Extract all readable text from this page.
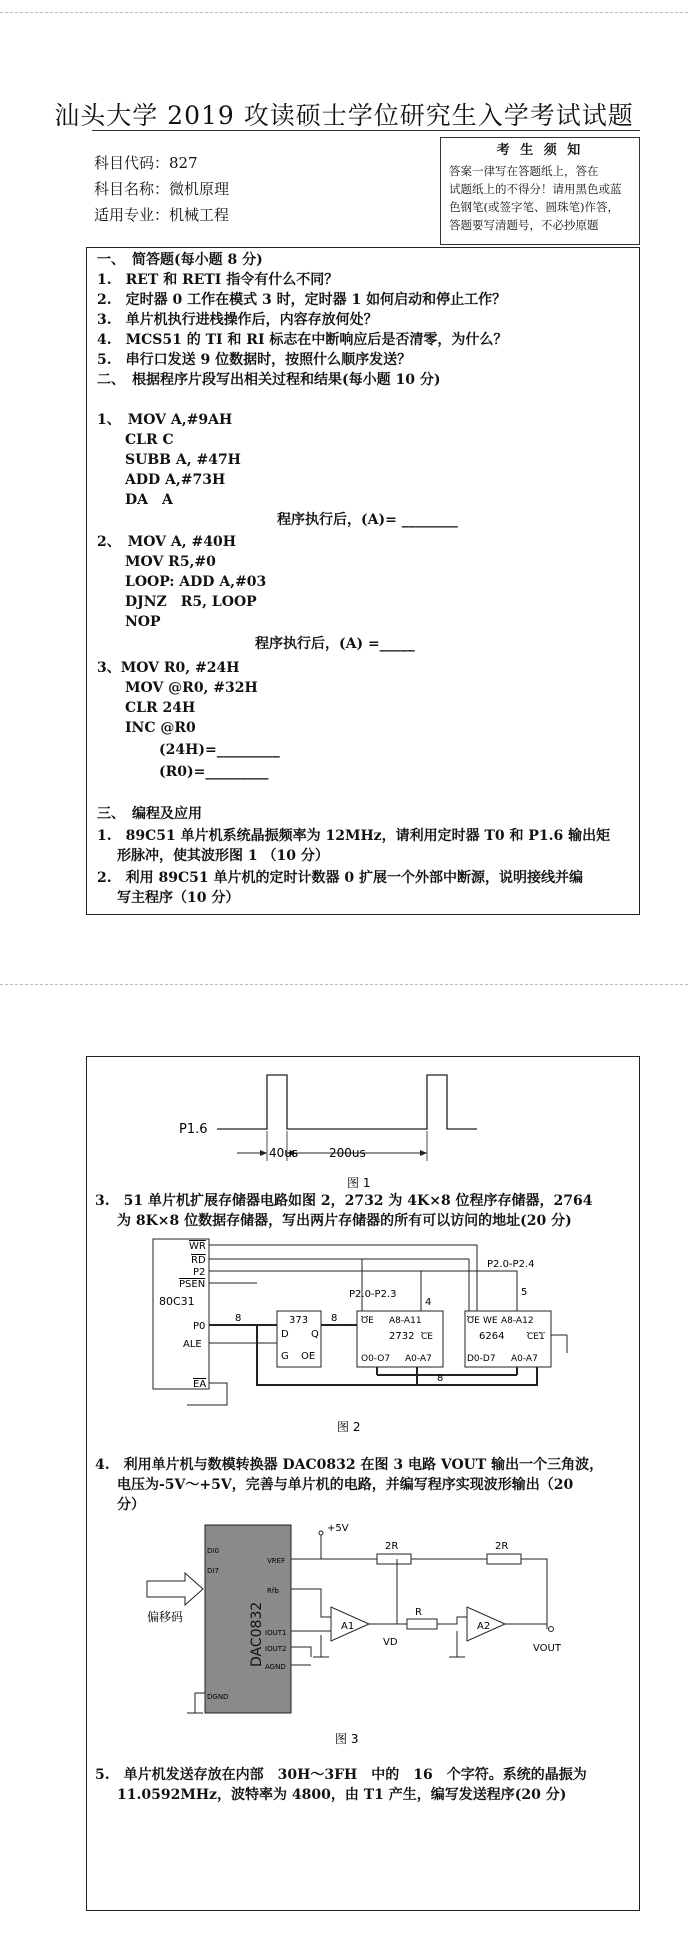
汕头大学 2019 攻读硕士学位研究生入学考试试题
科目代码：827
科目名称：微机原理
适用专业：机械工程
考 生 须 知
答案一律写在答题纸上，答在
试题纸上的不得分！请用黑色或蓝
色钢笔(或签字笔、圆珠笔)作答，
答题要写清题号，不必抄原题
一、　简答题(每小题 8 分)
1.　RET 和 RETI 指令有什么不同？
2.　定时器 0 工作在模式 3 时，定时器 1 如何启动和停止工作？
3.　单片机执行进栈操作后，内容存放何处？
4.　MCS51 的 TI 和 RI 标志在中断响应后是否清零，为什么？
5.　串行口发送 9 位数据时，按照什么顺序发送？
二、　根据程序片段写出相关过程和结果(每小题 10 分)
1、　MOV A,#9AH
CLR C
SUBB A, #47H
ADD A,#73H
DA　A
程序执行后，(A)= ________
2、　MOV A, #40H
MOV R5,#0
LOOP: ADD A,#03
DJNZ　R5, LOOP
NOP
程序执行后，(A) =_____
3、MOV R0, #24H
MOV @R0, #32H
CLR 24H
INC @R0
(24H)=_________
(R0)=_________
三、　编程及应用
1.　89C51 单片机系统晶振频率为 12MHz，请利用定时器 T0 和 P1.6 输出矩
形脉冲，使其波形图 1 （10 分）
2.　利用 89C51 单片机的定时计数器 0 扩展一个外部中断源，说明接线并编
写主程序（10 分）
P1.6
40us	200us
图 1
3.　51 单片机扩展存储器电路如图 2，2732 为 4K×8 位程序存储器，2764
为 8K×8 位数据存储器，写出两片存储器的所有可以访问的地址(20 分)
80C31
WR
RD
P2
PSEN
P0
ALE
EA
373
D Q
G OE
OE A8-A11
2732
O0-O7 A0-A7
OE WE A8-A12
6264	CE1
D0-D7 A0-A7
CE
P2.0-P2.3
P2.0-P2.4
8
4
5
8
8
图 2
4.　利用单片机与数模转换器 DAC0832 在图 3 电路 VOUT 输出一个三角波，
电压为-5V～+5V，完善与单片机的电路，并编写程序实现波形输出（20
分）
偏移码	DAC0832
DI0
DI7
VREF
Rfb
IOUT1
IOUT2
AGND
DGND
+5V
2R	2R
R
A1	A2
VD
VOUT
图 3
5.　单片机发送存放在内部　30H～3FH　中的　16　个字符。系统的晶振为
11.0592MHz，波特率为 4800，由 T1 产生，编写发送程序(20 分)
